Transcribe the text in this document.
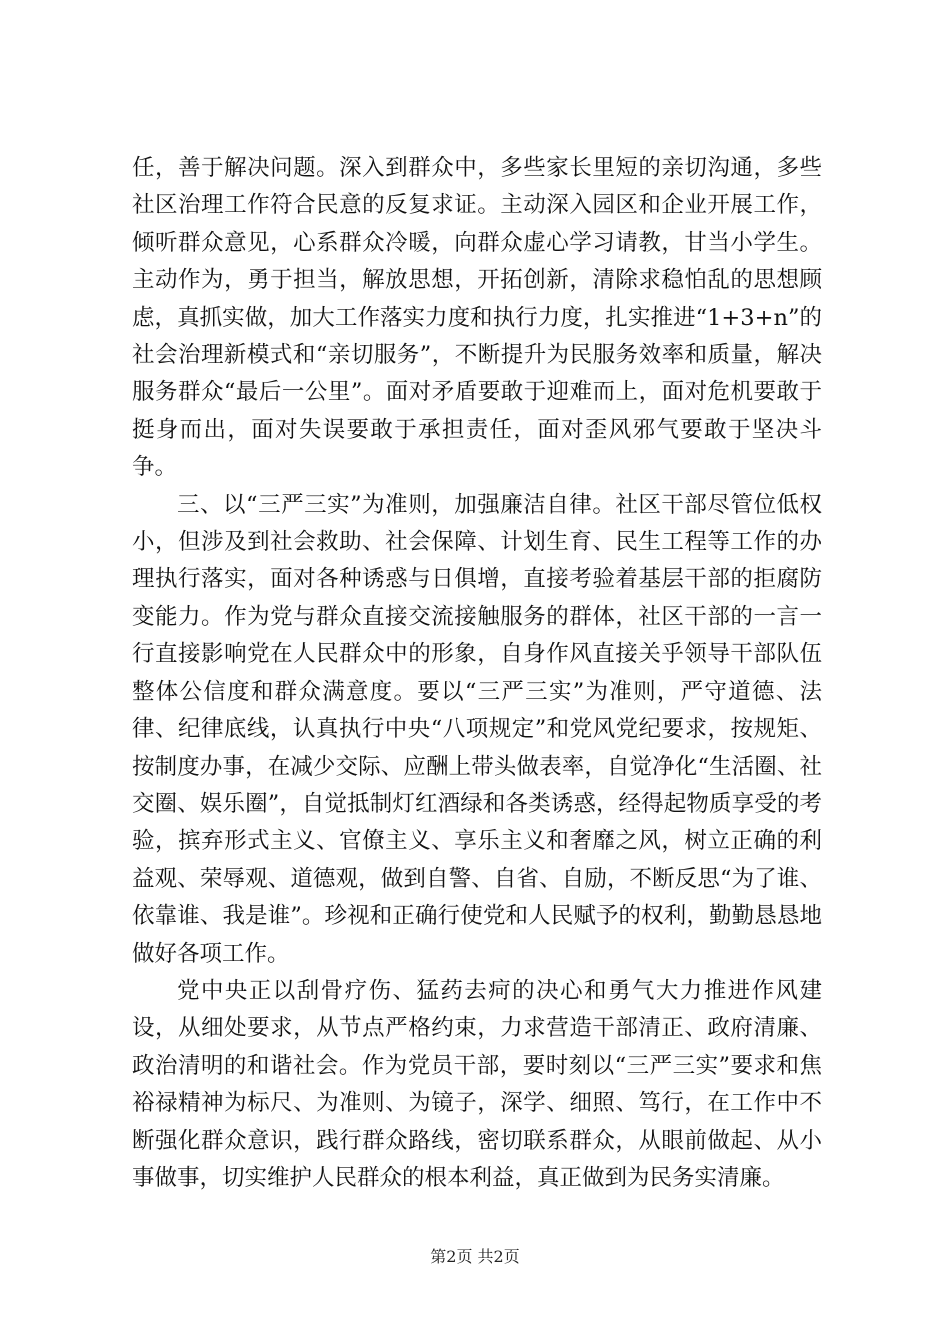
任，善于解决问题。深入到群众中，多些家长里短的亲切沟通，多些社区治理工作符合民意的反复求证。主动深入园区和企业开展工作，倾听群众意见，心系群众冷暖，向群众虚心学习请教，甘当小学生。主动作为，勇于担当，解放思想，开拓创新，清除求稳怕乱的思想顾虑，真抓实做，加大工作落实力度和执行力度，扎实推进“1+3+n”的社会治理新模式和“亲切服务”，不断提升为民服务效率和质量，解决服务群众“最后一公里”。面对矛盾要敢于迎难而上，面对危机要敢于挺身而出，面对失误要敢于承担责任，面对歪风邪气要敢于坚决斗争。

三、以“三严三实”为准则，加强廉洁自律。社区干部尽管位低权小，但涉及到社会救助、社会保障、计划生育、民生工程等工作的办理执行落实，面对各种诱惑与日俱增，直接考验着基层干部的拒腐防变能力。作为党与群众直接交流接触服务的群体，社区干部的一言一行直接影响党在人民群众中的形象，自身作风直接关乎领导干部队伍整体公信度和群众满意度。要以“三严三实”为准则，严守道德、法律、纪律底线，认真执行中央“八项规定”和党风党纪要求，按规矩、按制度办事，在减少交际、应酬上带头做表率，自觉净化“生活圈、社交圈、娱乐圈”，自觉抵制灯红酒绿和各类诱惑，经得起物质享受的考验，摈弃形式主义、官僚主义、享乐主义和奢靡之风，树立正确的利益观、荣辱观、道德观，做到自警、自省、自励，不断反思“为了谁、依靠谁、我是谁”。珍视和正确行使党和人民赋予的权利，勤勤恳恳地做好各项工作。

党中央正以刮骨疗伤、猛药去疴的决心和勇气大力推进作风建设，从细处要求，从节点严格约束，力求营造干部清正、政府清廉、政治清明的和谐社会。作为党员干部，要时刻以“三严三实”要求和焦裕禄精神为标尺、为准则、为镜子，深学、细照、笃行，在工作中不断强化群众意识，践行群众路线，密切联系群众，从眼前做起、从小事做事，切实维护人民群众的根本利益，真正做到为民务实清廉。

第2页 共2页
